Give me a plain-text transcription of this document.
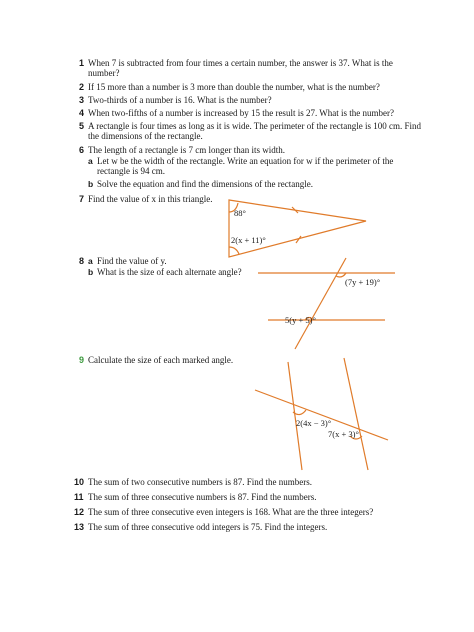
1 When 7 is subtracted from four times a certain number, the answer is 37. What is the
number?
2 If 15 more than a number is 3 more than double the number, what is the number?
3 Two-thirds of a number is 16. What is the number?
4 When two-fifths of a number is increased by 15 the result is 27. What is the number?
5 A rectangle is four times as long as it is wide. The perimeter of the rectangle is 100 cm. Find
the dimensions of the rectangle.
6 The length of a rectangle is 7 cm longer than its width.
a Let w be the width of the rectangle. Write an equation for w if the perimeter of the
rectangle is 94 cm.
b Solve the equation and find the dimensions of the rectangle.
7 Find the value of x in this triangle.
8 a Find the value of y.
b What is the size of each alternate angle?
9 Calculate the size of each marked angle.
10 The sum of two consecutive numbers is 87. Find the numbers.
11 The sum of three consecutive numbers is 87. Find the numbers.
12 The sum of three consecutive even integers is 168. What are the three integers?
13 The sum of three consecutive odd integers is 75. Find the integers.
88°
2(x + 11)°
(7y + 19)°
5(y + 5)°
2(4x − 3)°
7(x + 3)°
